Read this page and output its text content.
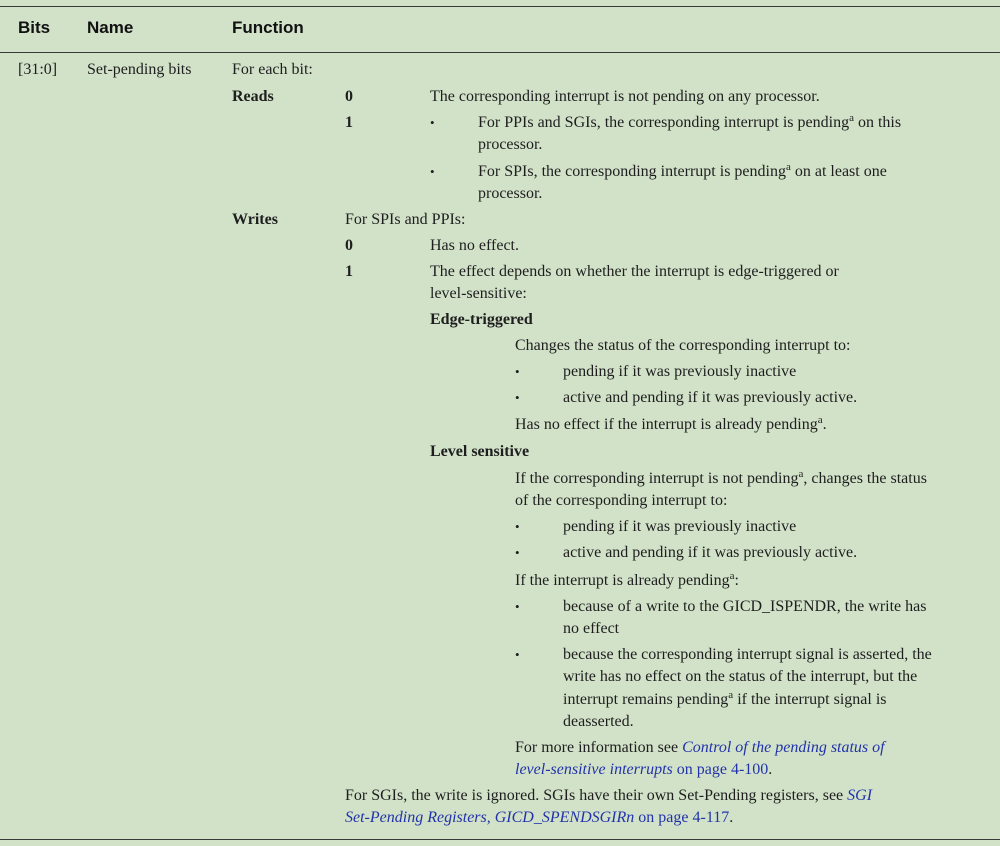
Bits Name	Function
[31:0] Set-pending bits	For each bit:
Reads	0	The corresponding interrupt is not pending on any processor.
1	•	For PPIs and SGIs, the corresponding interrupt is pending$^a$ on this
processor.
•	For SPIs, the corresponding interrupt is pending$^a$ on at least one
processor.
Writes	For SPIs and PPIs:
0	Has no effect.
1	The effect depends on whether the interrupt is edge-triggered or
level-sensitive:
Edge-triggered
Changes the status of the corresponding interrupt to:
•	pending if it was previously inactive
•	active and pending if it was previously active.
Has no effect if the interrupt is already pending$^a$.
Level sensitive
If the corresponding interrupt is not pending$^a$, changes the status
of the corresponding interrupt to:
•	pending if it was previously inactive
•	active and pending if it was previously active.
If the interrupt is already pending$^a$:
•	because of a write to the GICD_ISPENDR, the write has
no effect
•	because the corresponding interrupt signal is asserted, the
write has no effect on the status of the interrupt, but the
interrupt remains pending$^a$ if the interrupt signal is
deasserted.
For more information see Control of the pending status of
level-sensitive interrupts on page 4-100.
For SGIs, the write is ignored. SGIs have their own Set-Pending registers, see SGI
Set-Pending Registers, GICD_SPENDSGIRn on page 4-117.
